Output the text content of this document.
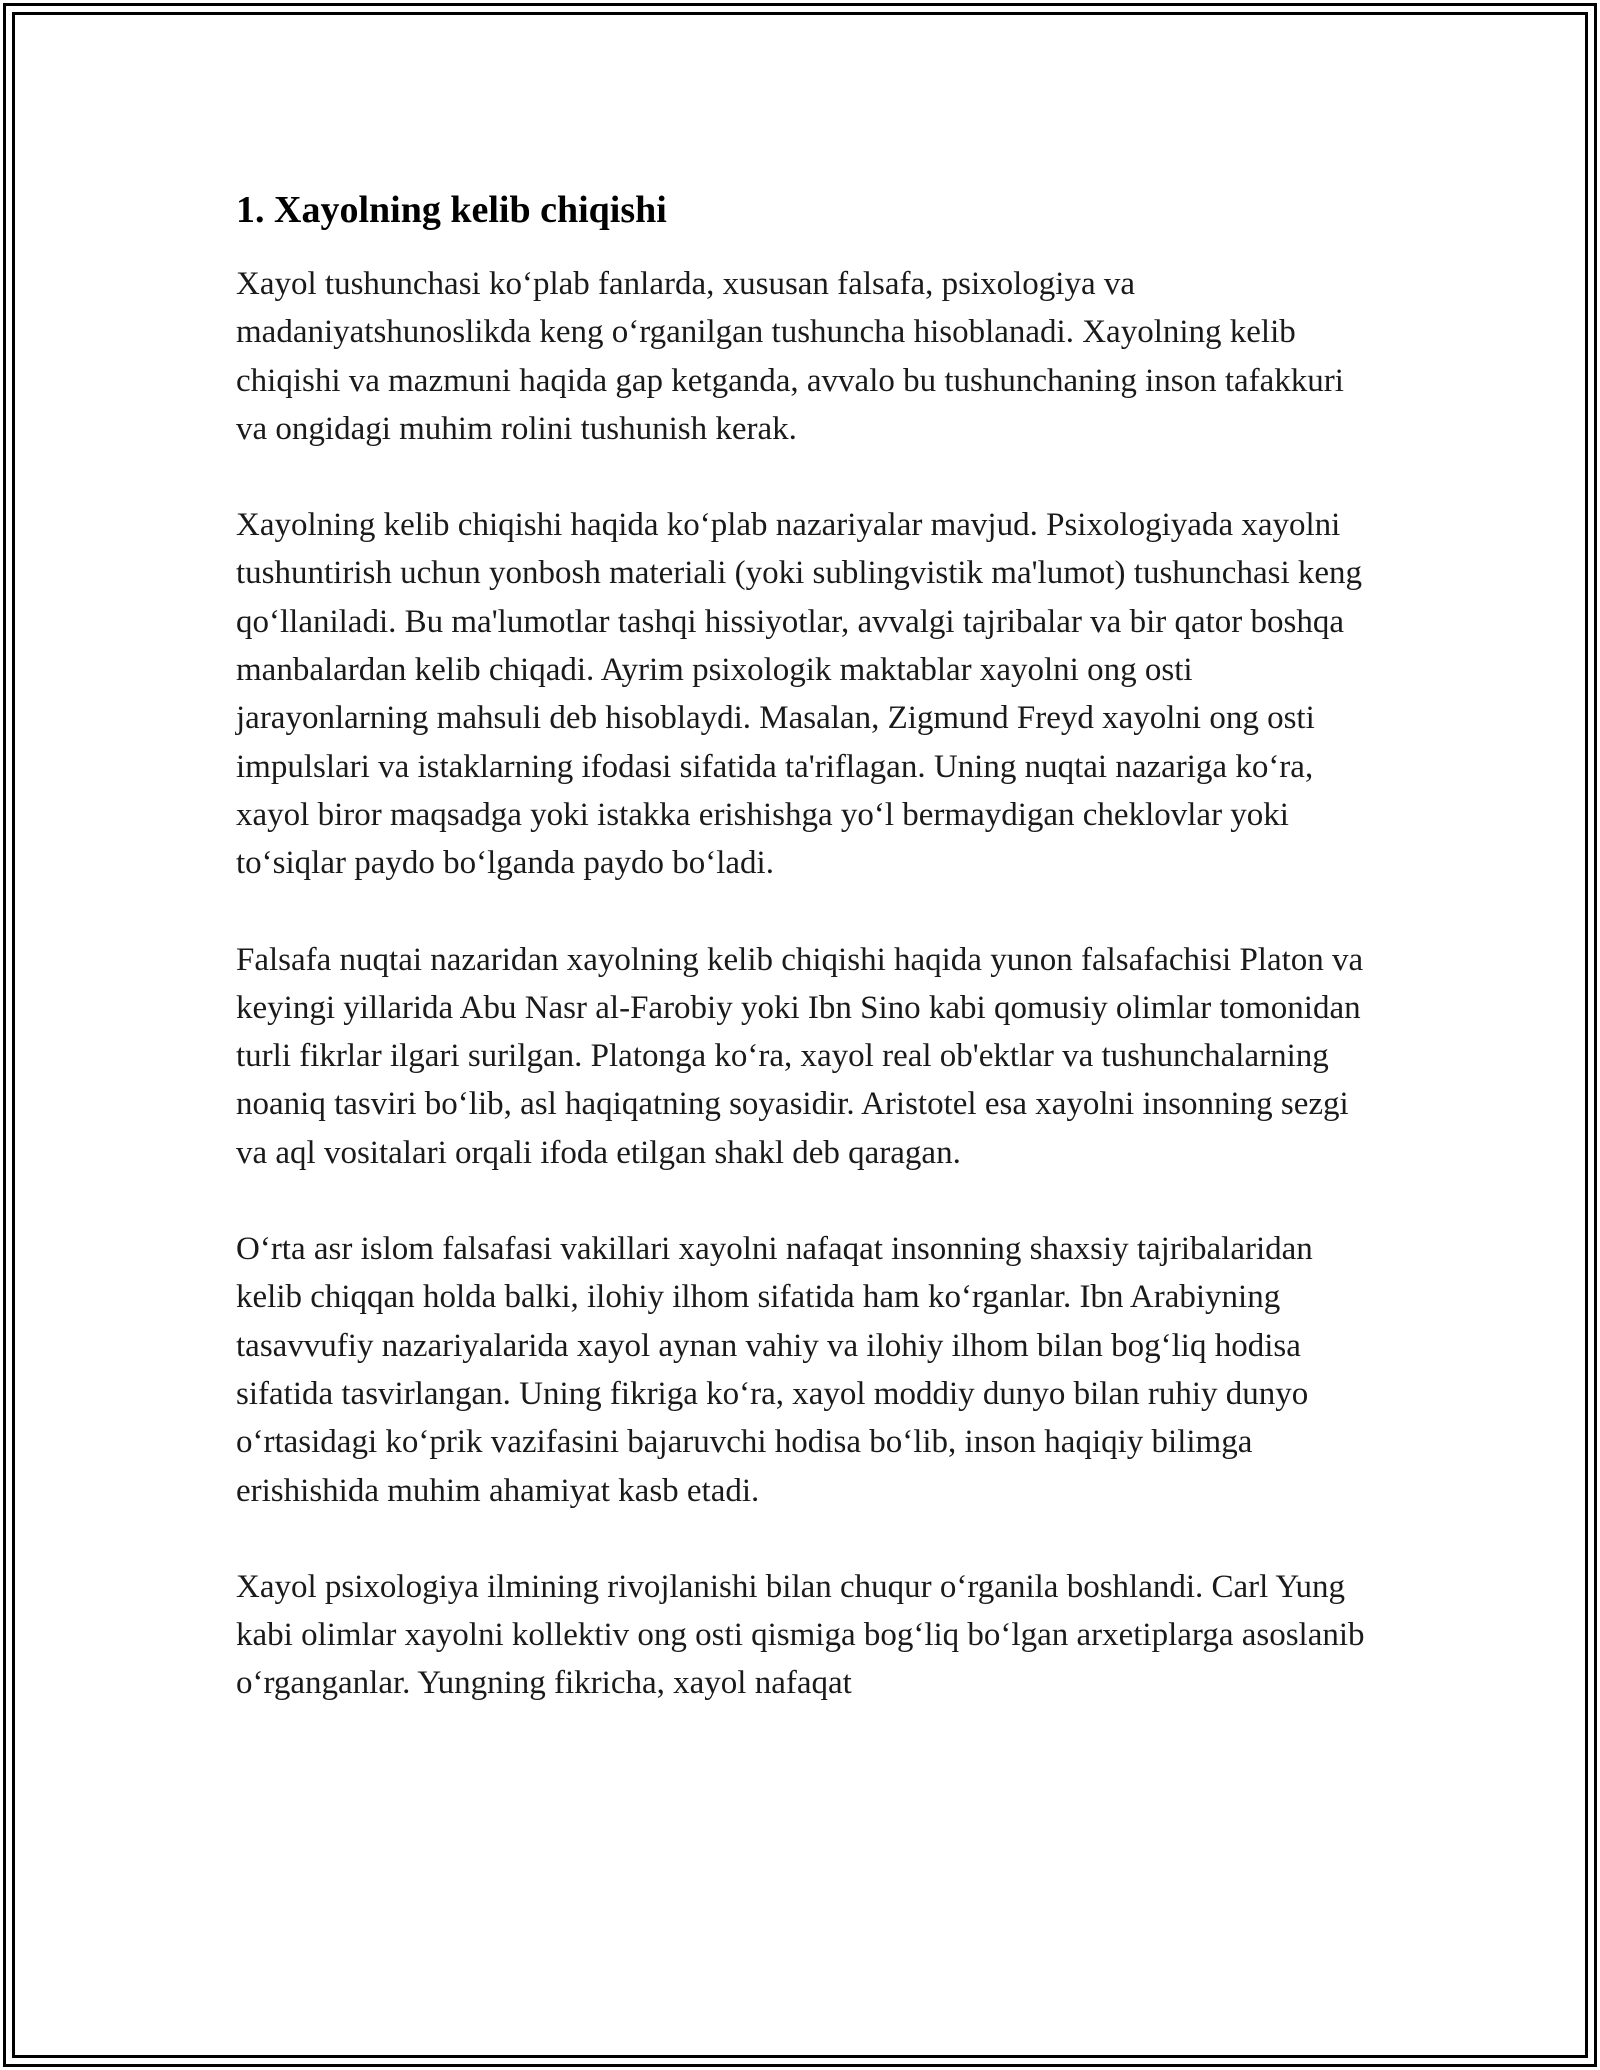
1. Xayolning kelib chiqishi

Xayol tushunchasi koʻplab fanlarda, xususan falsafa, psixologiya va madaniyatshunoslikda keng oʻrganilgan tushuncha hisoblanadi. Xayolning kelib chiqishi va mazmuni haqida gap ketganda, avvalo bu tushunchaning inson tafakkuri va ongidagi muhim rolini tushunish kerak.

Xayolning kelib chiqishi haqida koʻplab nazariyalar mavjud. Psixologiyada xayolni tushuntirish uchun yonbosh materiali (yoki sublingvistik ma'lumot) tushunchasi keng qoʻllaniladi. Bu ma'lumotlar tashqi hissiyotlar, avvalgi tajribalar va bir qator boshqa manbalardan kelib chiqadi. Ayrim psixologik maktablar xayolni ong osti jarayonlarning mahsuli deb hisoblaydi. Masalan, Zigmund Freyd xayolni ong osti impulslari va istaklarning ifodasi sifatida ta'riflagan. Uning nuqtai nazariga koʻra, xayol biror maqsadga yoki istakka erishishga yoʻl bermaydigan cheklovlar yoki toʻsiqlar paydo boʻlganda paydo boʻladi.

Falsafa nuqtai nazaridan xayolning kelib chiqishi haqida yunon falsafachisi Platon va keyingi yillarida Abu Nasr al-Farobiy yoki Ibn Sino kabi qomusiy olimlar tomonidan turli fikrlar ilgari surilgan. Platonga koʻra, xayol real ob'ektlar va tushunchalarning noaniq tasviri boʻlib, asl haqiqatning soyasidir. Aristotel esa xayolni insonning sezgi va aql vositalari orqali ifoda etilgan shakl deb qaragan.

Oʻrta asr islom falsafasi vakillari xayolni nafaqat insonning shaxsiy tajribalaridan kelib chiqqan holda balki, ilohiy ilhom sifatida ham koʻrganlar. Ibn Arabiyning tasavvufiy nazariyalarida xayol aynan vahiy va ilohiy ilhom bilan bogʻliq hodisa sifatida tasvirlangan. Uning fikriga koʻra, xayol moddiy dunyo bilan ruhiy dunyo oʻrtasidagi koʻprik vazifasini bajaruvchi hodisa boʻlib, inson haqiqiy bilimga erishishida muhim ahamiyat kasb etadi.

Xayol psixologiya ilmining rivojlanishi bilan chuqur oʻrganila boshlandi. Carl Yung kabi olimlar xayolni kollektiv ong osti qismiga bogʻliq boʻlgan arxetiplarga asoslanib oʻrganganlar. Yungning fikricha, xayol nafaqat
